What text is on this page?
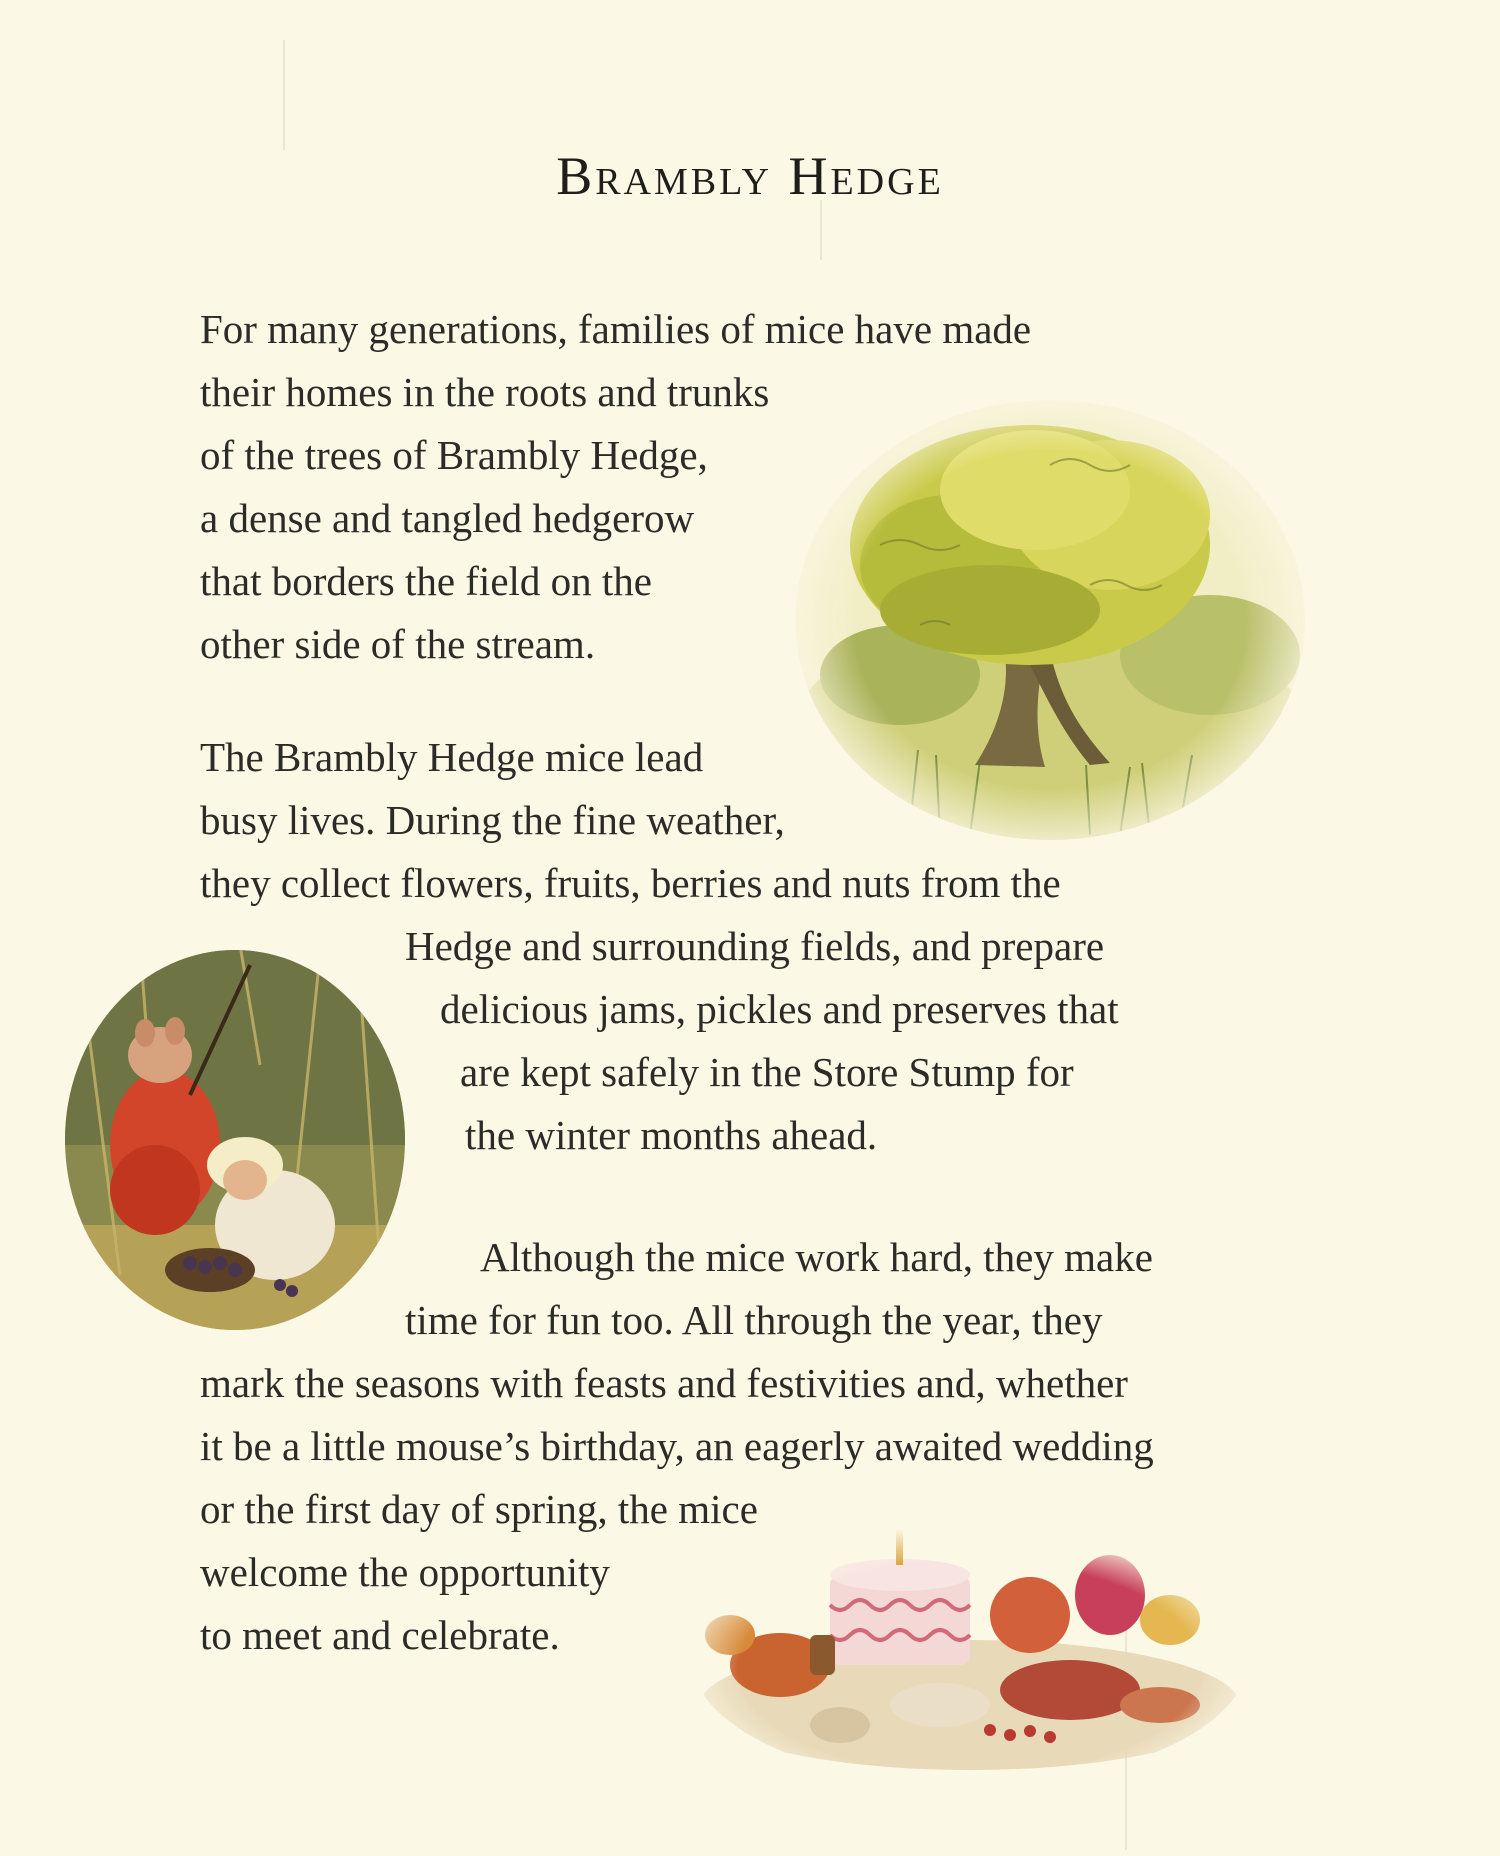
Brambly Hedge
For many generations, families of mice have made
their homes in the roots and trunks
of the trees of Brambly Hedge,
a dense and tangled hedgerow
that borders the field on the
other side of the stream.
The Brambly Hedge mice lead
busy lives. During the fine weather,
they collect flowers, fruits, berries and nuts from the
Hedge and surrounding fields, and prepare
delicious jams, pickles and preserves that
are kept safely in the Store Stump for
the winter months ahead.
Although the mice work hard, they make
time for fun too. All through the year, they
mark the seasons with feasts and festivities and, whether
it be a little mouse’s birthday, an eagerly awaited wedding
or the first day of spring, the mice
welcome the opportunity
to meet and celebrate.
